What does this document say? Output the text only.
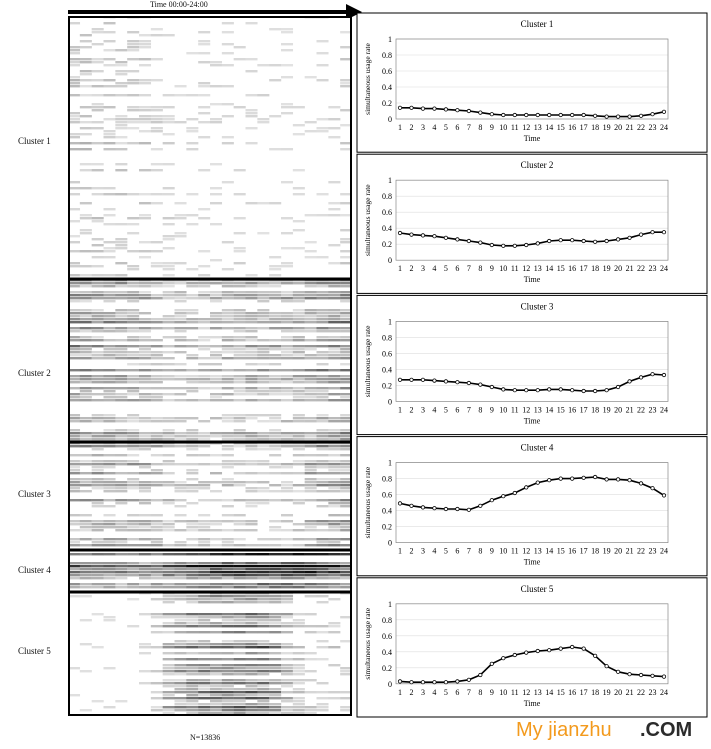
Time 00:00-24:00
Cluster 1
Cluster 2
Cluster 3
Cluster 4
Cluster 5
N=13836
Cluster 1
0
0.2
0.4
0.6
0.8
1
1 2 3 4 5 6 7 8 9 10 11 12 13 14 15 16 17 18 19 20 21 22 23 24
Time
simultaneous usage rate
Cluster 2
0
0.2
0.4
0.6
0.8
1
1 2 3 4 5 6 7 8 9 10 11 12 13 14 15 16 17 18 19 20 21 22 23 24
Time
simultaneous usage rate
Cluster 3
0
0.2
0.4
0.6
0.8
1
1 2 3 4 5 6 7 8 9 10 11 12 13 14 15 16 17 18 19 20 21 22 23 24
Time
simultaneous usage rate
Cluster 4
0
0.2
0.4
0.6
0.8
1
1 2 3 4 5 6 7 8 9 10 11 12 13 14 15 16 17 18 19 20 21 22 23 24
Time
simultaneous usage rate
Cluster 5
0
0.2
0.4
0.6
0.8
1
1 2 3 4 5 6 7 8 9 10 11 12 13 14 15 16 17 18 19 20 21 22 23 24
Time
simultaneous usage rate
My jianzhu .COM
